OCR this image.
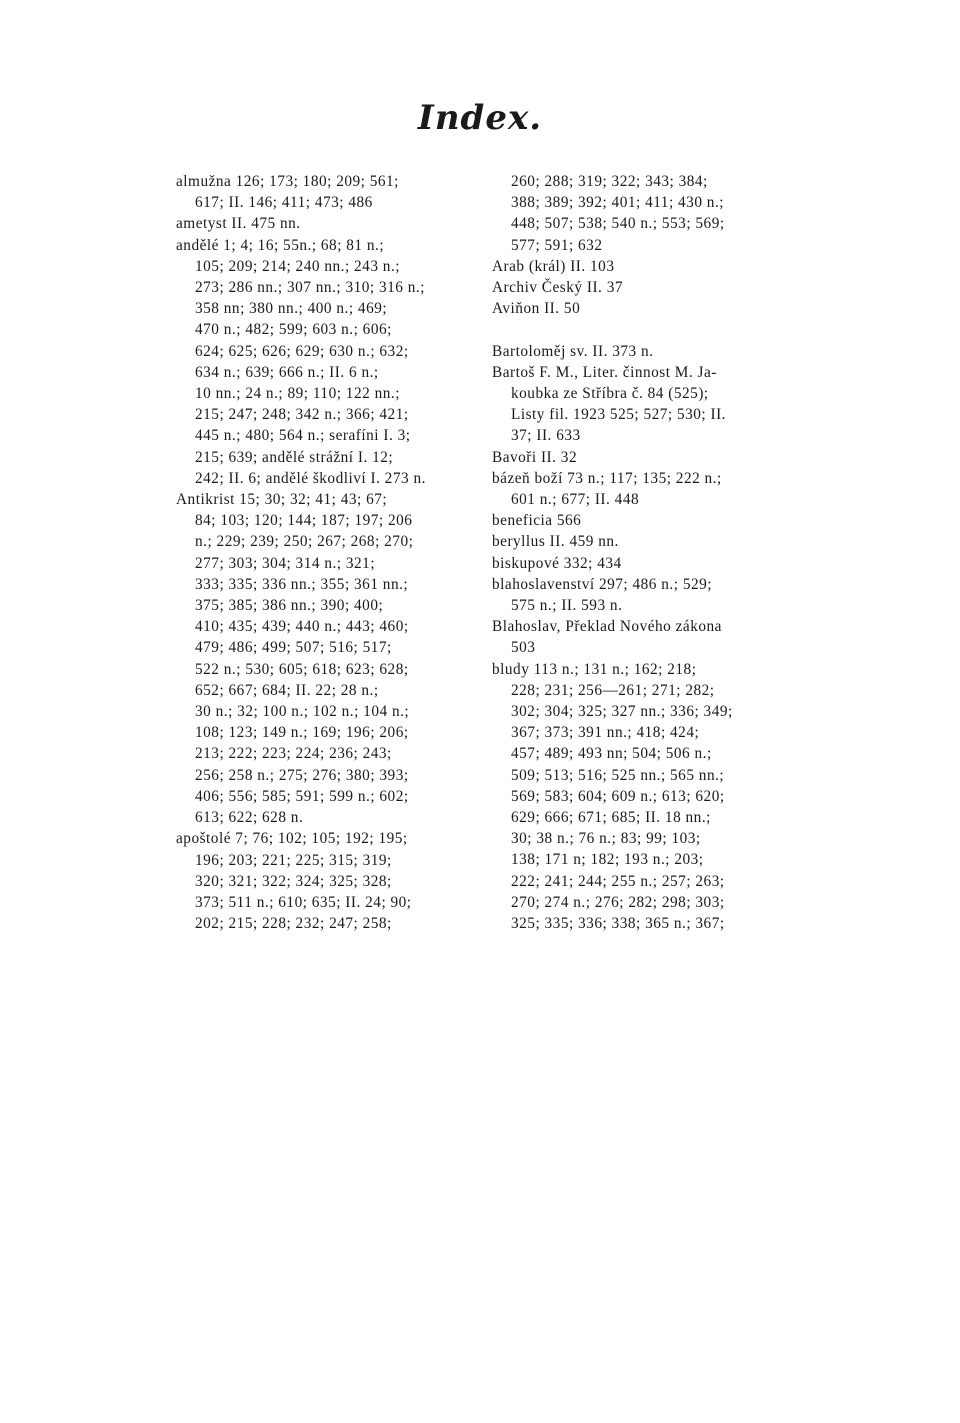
Index.
almužna 126; 173; 180; 209; 561;
617; II. 146; 411; 473; 486
ametyst II. 475 nn.
andělé 1; 4; 16; 55n.; 68; 81 n.;
105; 209; 214; 240 nn.; 243 n.;
273; 286 nn.; 307 nn.; 310; 316 n.;
358 nn; 380 nn.; 400 n.; 469;
470 n.; 482; 599; 603 n.; 606;
624; 625; 626; 629; 630 n.; 632;
634 n.; 639; 666 n.; II. 6 n.;
10 nn.; 24 n.; 89; 110; 122 nn.;
215; 247; 248; 342 n.; 366; 421;
445 n.; 480; 564 n.; serafíni I. 3;
215; 639; andělé strážní I. 12;
242; II. 6; andělé škodliví I. 273 n.
Antikrist 15; 30; 32; 41; 43; 67;
84; 103; 120; 144; 187; 197; 206
n.; 229; 239; 250; 267; 268; 270;
277; 303; 304; 314 n.; 321;
333; 335; 336 nn.; 355; 361 nn.;
375; 385; 386 nn.; 390; 400;
410; 435; 439; 440 n.; 443; 460;
479; 486; 499; 507; 516; 517;
522 n.; 530; 605; 618; 623; 628;
652; 667; 684; II. 22; 28 n.;
30 n.; 32; 100 n.; 102 n.; 104 n.;
108; 123; 149 n.; 169; 196; 206;
213; 222; 223; 224; 236; 243;
256; 258 n.; 275; 276; 380; 393;
406; 556; 585; 591; 599 n.; 602;
613; 622; 628 n.
apoštolé 7; 76; 102; 105; 192; 195;
196; 203; 221; 225; 315; 319;
320; 321; 322; 324; 325; 328;
373; 511 n.; 610; 635; II. 24; 90;
202; 215; 228; 232; 247; 258;
260; 288; 319; 322; 343; 384;
388; 389; 392; 401; 411; 430 n.;
448; 507; 538; 540 n.; 553; 569;
577; 591; 632
Arab (král) II. 103
Archiv Český II. 37
Aviňon II. 50
Bartoloměj sv. II. 373 n.
Bartoš F. M., Liter. činnost M. Ja-
koubka ze Stříbra č. 84 (525);
Listy fil. 1923 525; 527; 530; II.
37; II. 633
Bavoři II. 32
bázeň boží 73 n.; 117; 135; 222 n.;
601 n.; 677; II. 448
beneficia 566
beryllus II. 459 nn.
biskupové 332; 434
blahoslavenství 297; 486 n.; 529;
575 n.; II. 593 n.
Blahoslav, Překlad Nového zákona
503
bludy 113 n.; 131 n.; 162; 218;
228; 231; 256—261; 271; 282;
302; 304; 325; 327 nn.; 336; 349;
367; 373; 391 nn.; 418; 424;
457; 489; 493 nn; 504; 506 n.;
509; 513; 516; 525 nn.; 565 nn.;
569; 583; 604; 609 n.; 613; 620;
629; 666; 671; 685; II. 18 nn.;
30; 38 n.; 76 n.; 83; 99; 103;
138; 171 n; 182; 193 n.; 203;
222; 241; 244; 255 n.; 257; 263;
270; 274 n.; 276; 282; 298; 303;
325; 335; 336; 338; 365 n.; 367;
